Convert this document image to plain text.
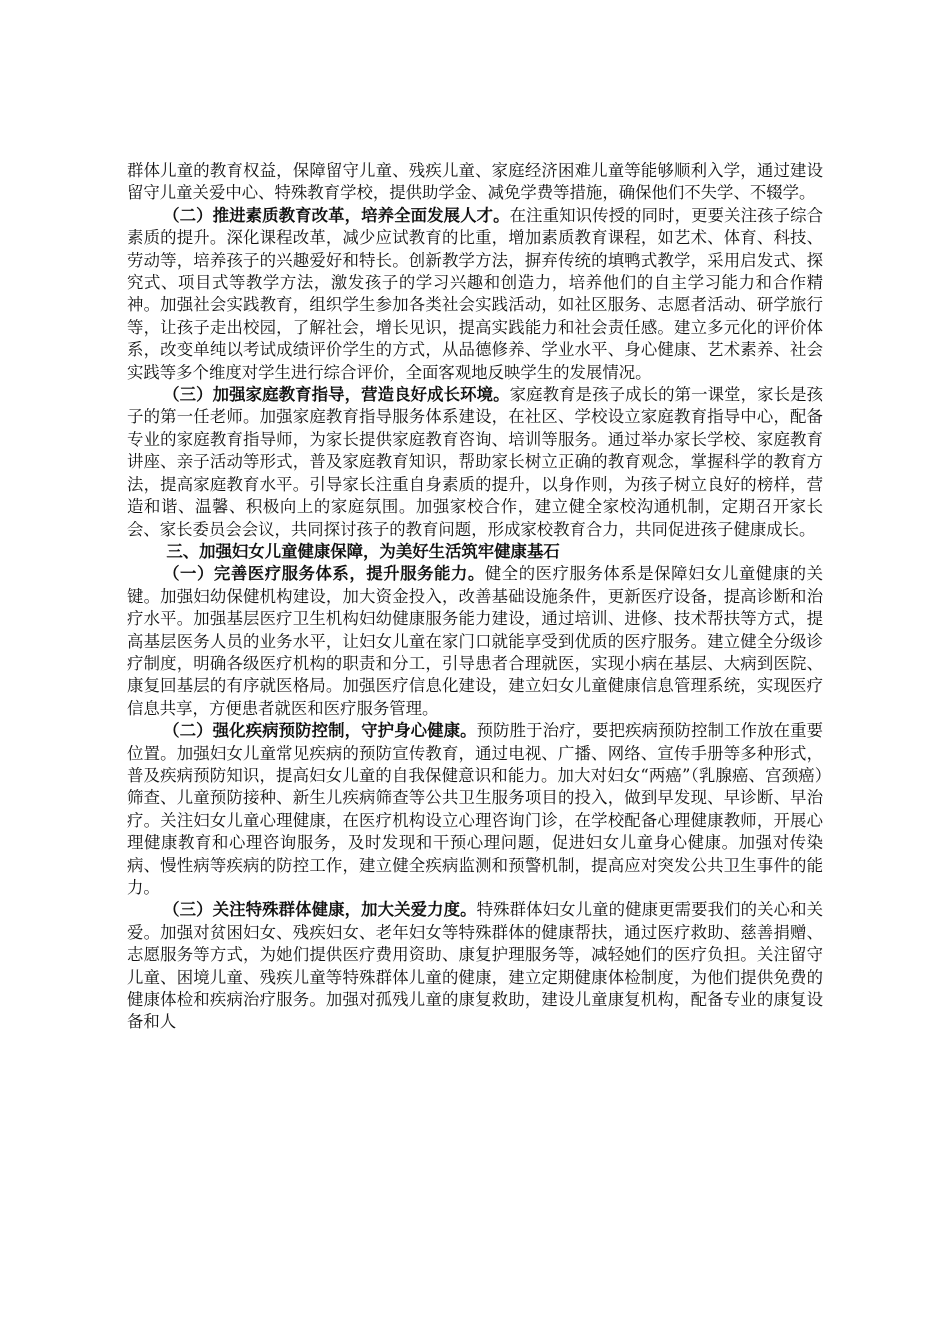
群体儿童的教育权益，保障留守儿童、残疾儿童、家庭经济困难儿童等能够顺利入学，通过建设留守儿童关爱中心、特殊教育学校，提供助学金、减免学费等措施，确保他们不失学、不辍学。

（二）推进素质教育改革，培养全面发展人才。在注重知识传授的同时，更要关注孩子综合素质的提升。深化课程改革，减少应试教育的比重，增加素质教育课程，如艺术、体育、科技、劳动等，培养孩子的兴趣爱好和特长。创新教学方法，摒弃传统的填鸭式教学，采用启发式、探究式、项目式等教学方法，激发孩子的学习兴趣和创造力，培养他们的自主学习能力和合作精神。加强社会实践教育，组织学生参加各类社会实践活动，如社区服务、志愿者活动、研学旅行等，让孩子走出校园，了解社会，增长见识，提高实践能力和社会责任感。建立多元化的评价体系，改变单纯以考试成绩评价学生的方式，从品德修养、学业水平、身心健康、艺术素养、社会实践等多个维度对学生进行综合评价，全面客观地反映学生的发展情况。

（三）加强家庭教育指导，营造良好成长环境。家庭教育是孩子成长的第一课堂，家长是孩子的第一任老师。加强家庭教育指导服务体系建设，在社区、学校设立家庭教育指导中心，配备专业的家庭教育指导师，为家长提供家庭教育咨询、培训等服务。通过举办家长学校、家庭教育讲座、亲子活动等形式，普及家庭教育知识，帮助家长树立正确的教育观念，掌握科学的教育方法，提高家庭教育水平。引导家长注重自身素质的提升，以身作则，为孩子树立良好的榜样，营造和谐、温馨、积极向上的家庭氛围。加强家校合作，建立健全家校沟通机制，定期召开家长会、家长委员会会议，共同探讨孩子的教育问题，形成家校教育合力，共同促进孩子健康成长。

三、加强妇女儿童健康保障，为美好生活筑牢健康基石

（一）完善医疗服务体系，提升服务能力。健全的医疗服务体系是保障妇女儿童健康的关键。加强妇幼保健机构建设，加大资金投入，改善基础设施条件，更新医疗设备，提高诊断和治疗水平。加强基层医疗卫生机构妇幼健康服务能力建设，通过培训、进修、技术帮扶等方式，提高基层医务人员的业务水平，让妇女儿童在家门口就能享受到优质的医疗服务。建立健全分级诊疗制度，明确各级医疗机构的职责和分工，引导患者合理就医，实现小病在基层、大病到医院、康复回基层的有序就医格局。加强医疗信息化建设，建立妇女儿童健康信息管理系统，实现医疗信息共享，方便患者就医和医疗服务管理。

（二）强化疾病预防控制，守护身心健康。预防胜于治疗，要把疾病预防控制工作放在重要位置。加强妇女儿童常见疾病的预防宣传教育，通过电视、广播、网络、宣传手册等多种形式，普及疾病预防知识，提高妇女儿童的自我保健意识和能力。加大对妇女“两癌”（乳腺癌、宫颈癌）筛查、儿童预防接种、新生儿疾病筛查等公共卫生服务项目的投入，做到早发现、早诊断、早治疗。关注妇女儿童心理健康，在医疗机构设立心理咨询门诊，在学校配备心理健康教师，开展心理健康教育和心理咨询服务，及时发现和干预心理问题，促进妇女儿童身心健康。加强对传染病、慢性病等疾病的防控工作，建立健全疾病监测和预警机制，提高应对突发公共卫生事件的能力。

（三）关注特殊群体健康，加大关爱力度。特殊群体妇女儿童的健康更需要我们的关心和关爱。加强对贫困妇女、残疾妇女、老年妇女等特殊群体的健康帮扶，通过医疗救助、慈善捐赠、志愿服务等方式，为她们提供医疗费用资助、康复护理服务等，减轻她们的医疗负担。关注留守儿童、困境儿童、残疾儿童等特殊群体儿童的健康，建立定期健康体检制度，为他们提供免费的健康体检和疾病治疗服务。加强对孤残儿童的康复救助，建设儿童康复机构，配备专业的康复设备和人
